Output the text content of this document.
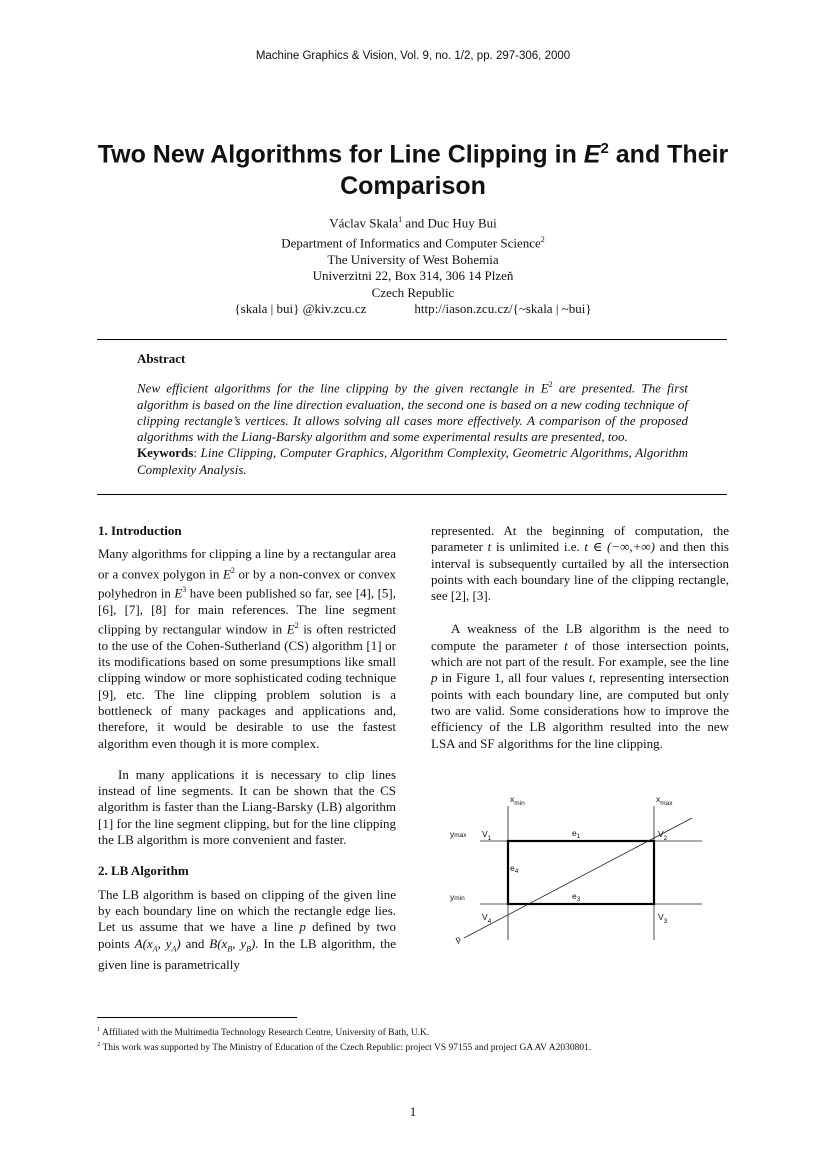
Machine Graphics & Vision, Vol. 9, no. 1/2, pp. 297-306, 2000
Two New Algorithms for Line Clipping in $E^2$ and Their
Comparison
Václav Skala$^1$ and Duc Huy Bui
Department of Informatics and Computer Science$^2$
The University of West Bohemia
Univerzitni 22, Box 314, 306 14 Plzeň
Czech Republic
{skala | bui} @kiv.zcu.cz	http://iason.zcu.cz/{~skala | ~bui}
Abstract

New efficient algorithms for the line clipping by the given rectangle in $E^2$ are presented. The first algorithm is based on the line direction evaluation, the second one is based on a new coding technique of clipping rectangle’s vertices. It allows solving all cases more effectively. A comparison of the proposed algorithms with the Liang-Barsky algorithm and some experimental results are presented, too.

Keywords: Line Clipping, Computer Graphics, Algorithm Complexity, Geometric Algorithms, Algorithm Complexity Analysis.

1. Introduction

Many algorithms for clipping a line by a rectangular area or a convex polygon in $E^2$ or by a non-convex or convex polyhedron in $E^3$ have been published so far, see [4], [5], [6], [7], [8] for main references. The line segment clipping by rectangular window in $E^2$ is often restricted to the use of the Cohen-Sutherland (CS) algorithm [1] or its modifications based on some presumptions like small clipping window or more sophisticated coding technique [9], etc. The line clipping problem solution is a bottleneck of many packages and applications and, therefore, it would be desirable to use the fastest algorithm even though it is more complex.

In many applications it is necessary to clip lines instead of line segments. It can be shown that the CS algorithm is faster than the Liang-Barsky (LB) algorithm [1] for the line segment clipping, but for the line clipping the LB algorithm is more convenient and faster.

2. LB Algorithm

The LB algorithm is based on clipping of the given line by each boundary line on which the rectangle edge lies. Let us assume that we have a line p defined by two points $A(x_A$, $y_A$) and $B(x_B$, $y_B$). In the LB algorithm, the given line is parametrically

represented. At the beginning of computation, the parameter t is unlimited i.e. t ∈ (−∞,+∞) and then this interval is subsequently curtailed by all the intersection points with each boundary line of the clipping rectangle, see [2], [3].

A weakness of the LB algorithm is the need to compute the parameter t of those intersection points, which are not part of the result. For example, see the line p in Figure 1, all four values t, representing intersection points with each boundary line, are computed but only two are valid. Some considerations how to improve the efficiency of the LB algorithm resulted into the new LSA and SF algorithms for the line clipping.

$x_{min}$	$x_{max}$
ymax
ymin
$V_1$	$V_2$
$V_3$
$V_4$
$e_1$
$e_3$
$e_4$
p
$^1$ Affiliated with the Multimedia Technology Research Centre, University of Bath, U.K.
$^2$ This work was supported by The Ministry of Education of the Czech Republic: project VS 97155 and project GA AV A2030801.
1
